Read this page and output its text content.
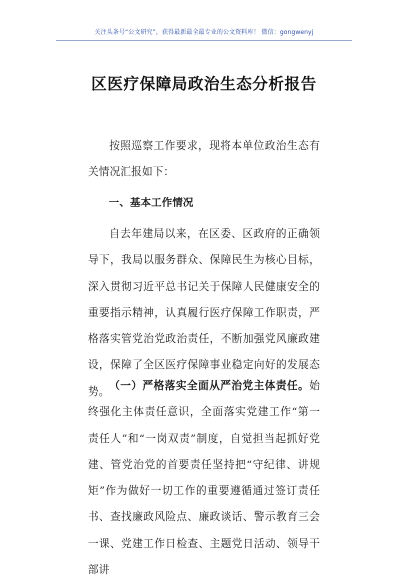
关注头条号“公文研究”，获得最新最全最专业的公文资料库！ 微信：gongwenyj
区医疗保障局政治生态分析报告

按照巡察工作要求，现将本单位政治生态有关情况汇报如下：

一、基本工作情况

自去年建局以来，在区委、区政府的正确领导下，我局以服务群众、保障民生为核心目标，深入贯彻习近平总书记关于保障人民健康安全的重要指示精神，认真履行医疗保障工作职责，严格落实管党治党政治责任，不断加强党风廉政建设，保障了全区医疗保障事业稳定向好的发展态势。 （一）严格落实全面从严治党主体责任。始终强化主体责任意识，全面落实党建工作“第一责任人”和“一岗双责”制度，自觉担当起抓好党建、管党治党的首要责任坚持把“守纪律、讲规矩”作为做好一切工作的重要遵循通过签订责任书、查找廉政风险点、廉政谈话、警示教育三会一课、党建工作日检查、主题党日活动、领导干部讲
